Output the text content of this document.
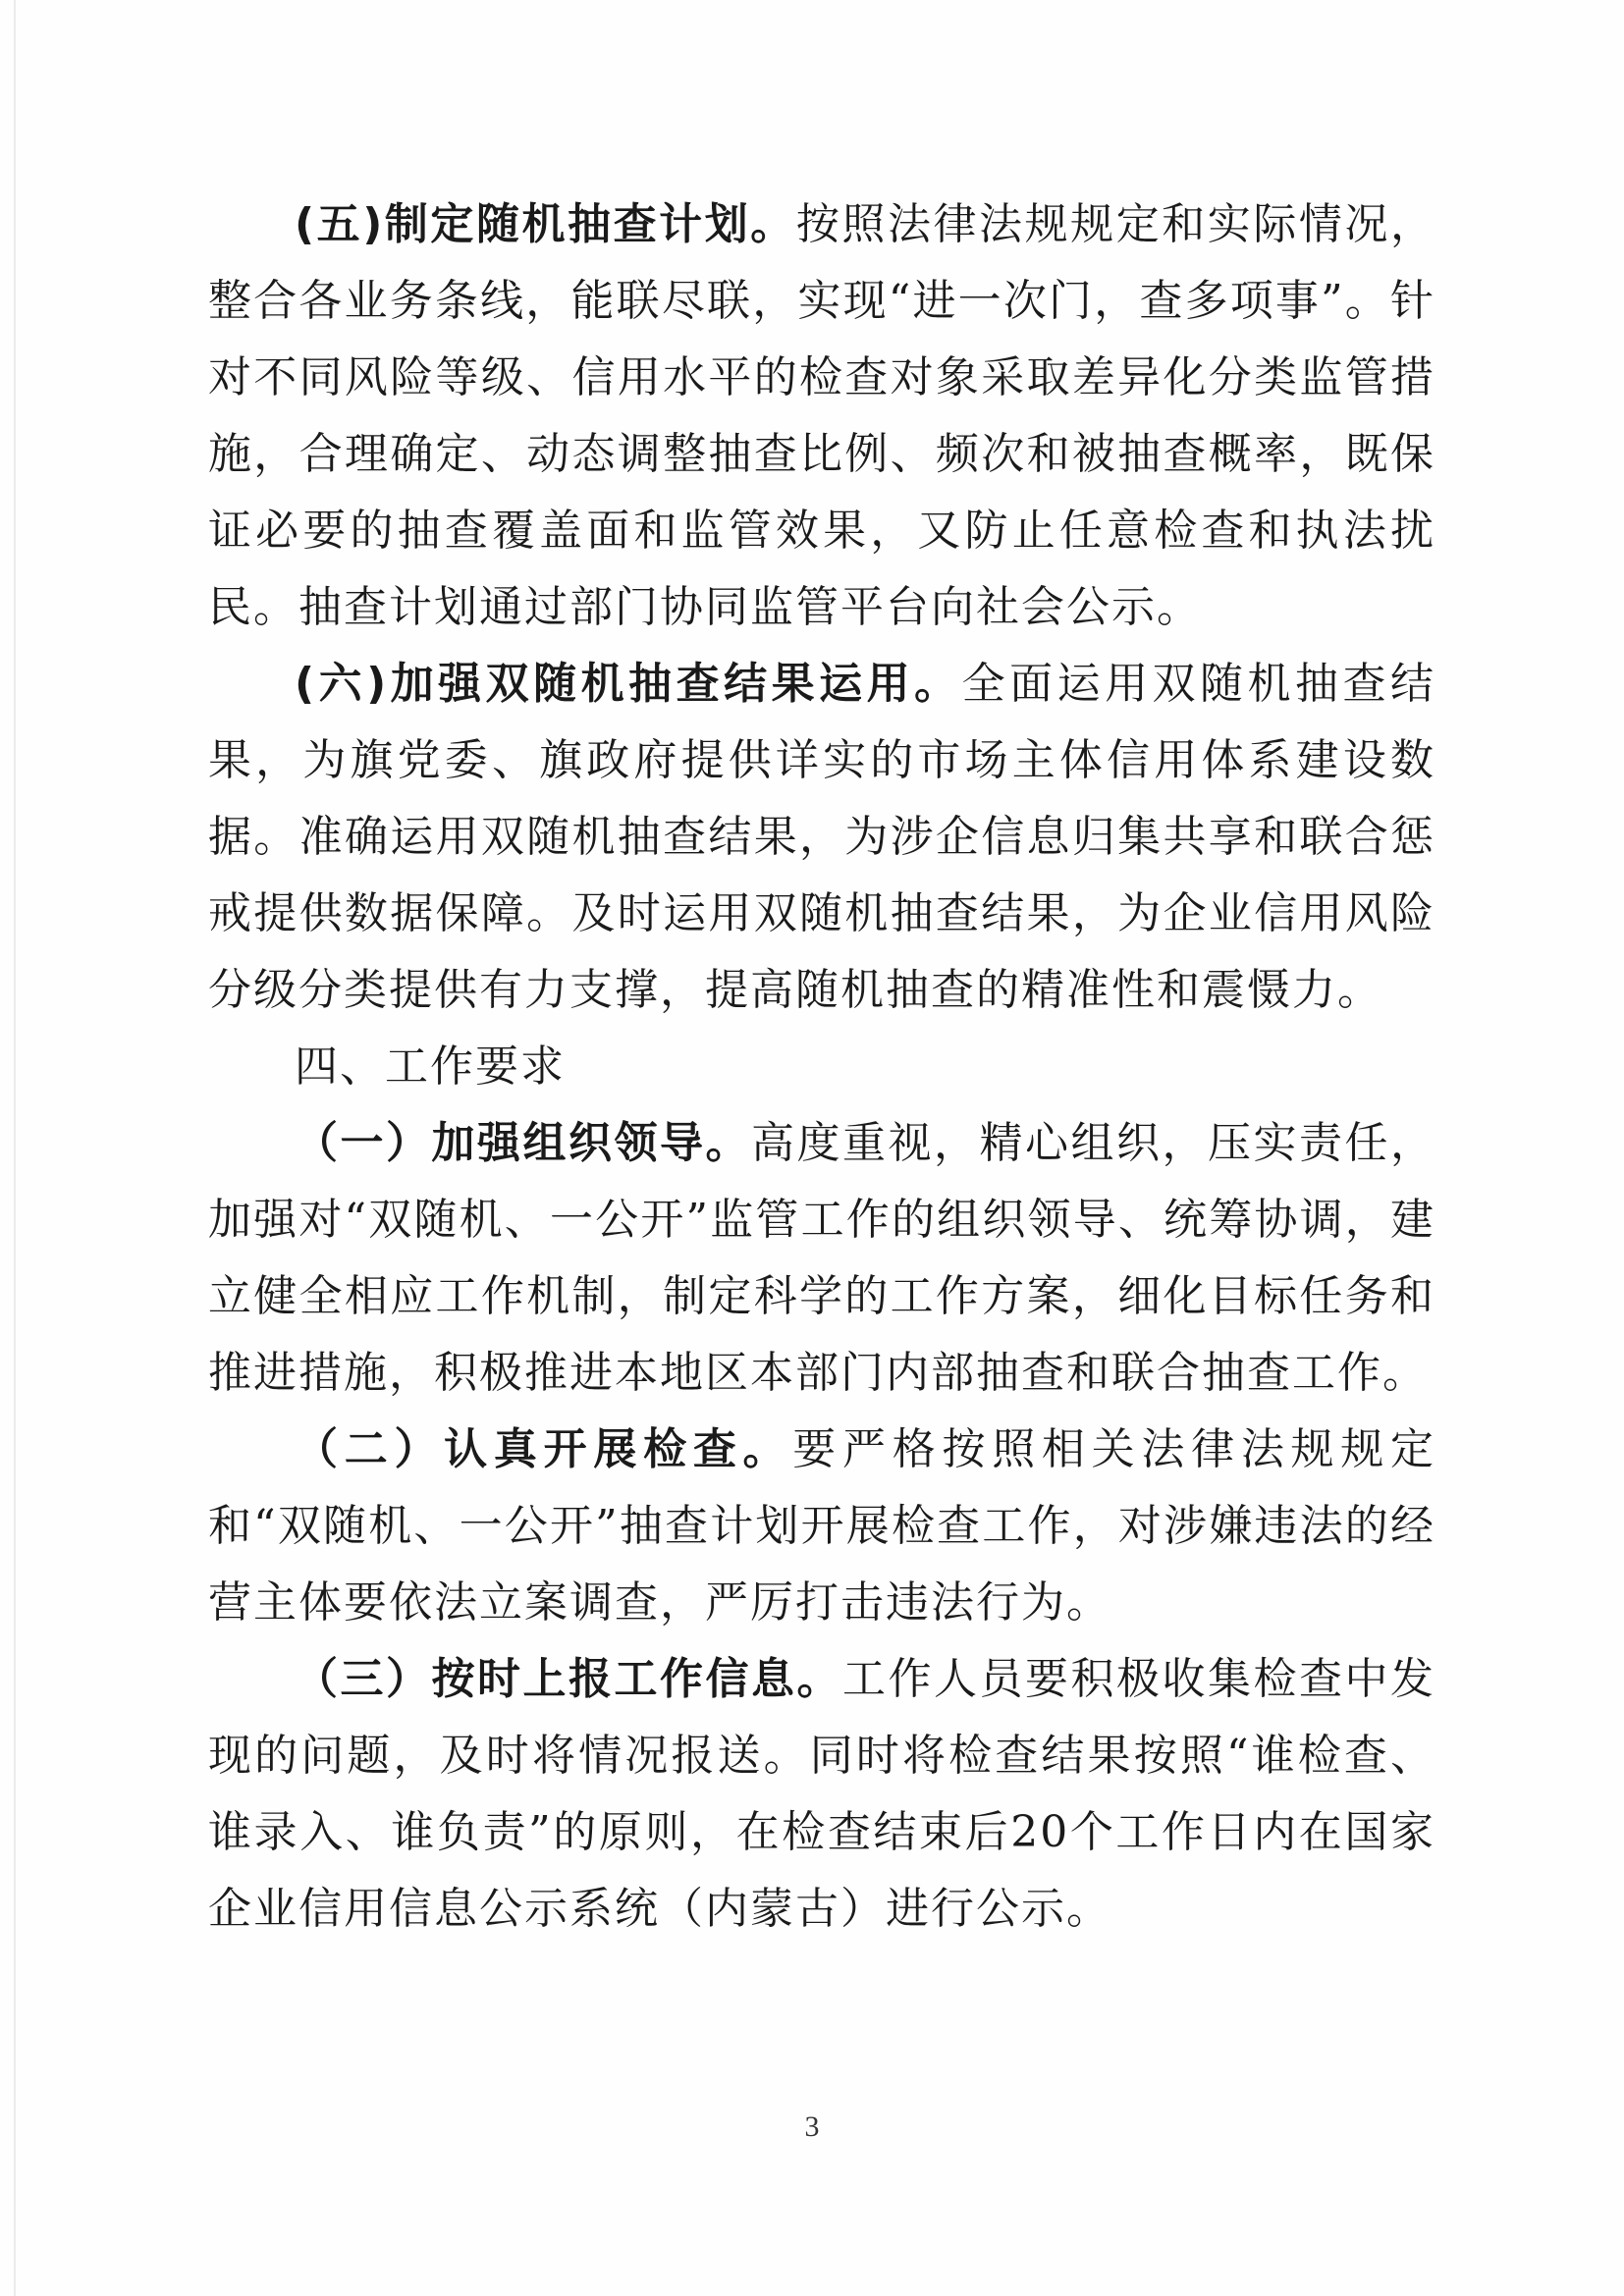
(五)制定随机抽查计划。按照法律法规规定和实际情况，整合各业务条线，能联尽联，实现“进一次门，查多项事”。针对不同风险等级、信用水平的检查对象采取差异化分类监管措施，合理确定、动态调整抽查比例、频次和被抽查概率，既保证必要的抽查覆盖面和监管效果，又防止任意检查和执法扰民。抽查计划通过部门协同监管平台向社会公示。

(六)加强双随机抽查结果运用。全面运用双随机抽查结果，为旗党委、旗政府提供详实的市场主体信用体系建设数据。准确运用双随机抽查结果，为涉企信息归集共享和联合惩戒提供数据保障。及时运用双随机抽查结果，为企业信用风险分级分类提供有力支撑，提高随机抽查的精准性和震慑力。

四、工作要求

（一）加强组织领导。高度重视，精心组织，压实责任，加强对“双随机、一公开”监管工作的组织领导、统筹协调，建立健全相应工作机制，制定科学的工作方案，细化目标任务和推进措施，积极推进本地区本部门内部抽查和联合抽查工作。

（二）认真开展检查。要严格按照相关法律法规规定和“双随机、一公开”抽查计划开展检查工作，对涉嫌违法的经营主体要依法立案调查，严厉打击违法行为。

（三）按时上报工作信息。工作人员要积极收集检查中发现的问题，及时将情况报送。同时将检查结果按照“谁检查、谁录入、谁负责”的原则，在检查结束后20个工作日内在国家企业信用信息公示系统（内蒙古）进行公示。

3
